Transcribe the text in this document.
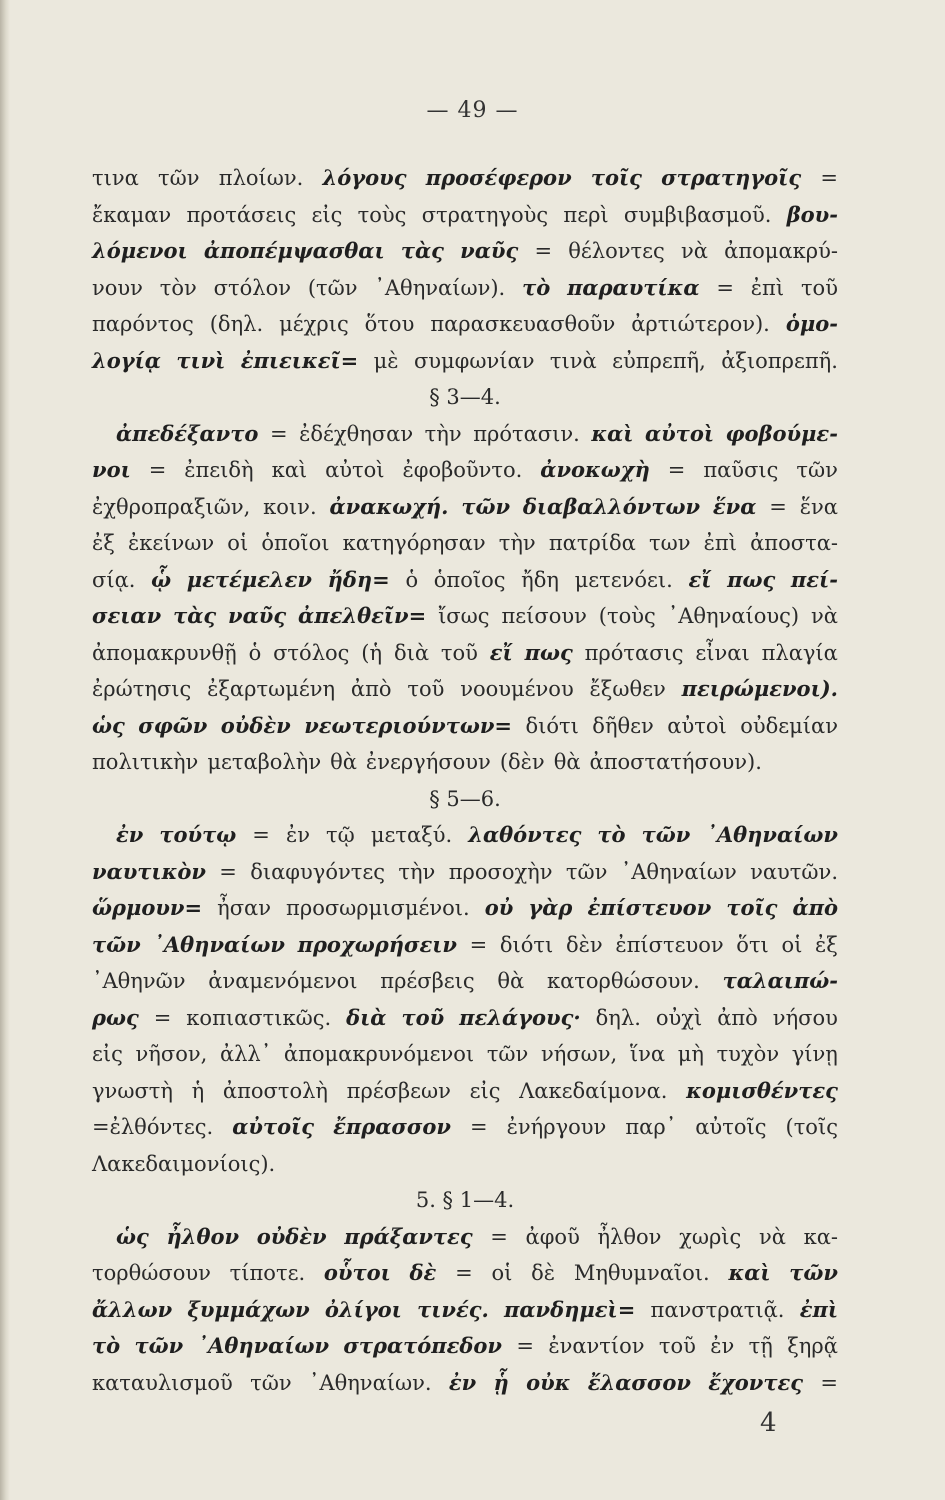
— 49 —
τινα τῶν πλοίων. λόγους προσέφερον τοῖς στρατηγοῖς =
ἔκαμαν προτάσεις εἰς τοὺς στρατηγοὺς περὶ συμβιβασμοῦ. βου-
λόμενοι ἀποπέμψασθαι τὰς ναῦς = θέλοντες νὰ ἀπομακρύ-
νουν τὸν στόλον (τῶν ᾿Αθηναίων). τὸ παραυτίκα = ἐπὶ τοῦ
παρόντος (δηλ. μέχρις ὅτου παρασκευασθοῦν ἀρτιώτερον). ὁμο-
λογίᾳ τινὶ ἐπιεικεῖ= μὲ συμφωνίαν τινὰ εὐπρεπῆ, ἀξιοπρεπῆ.
§ 3—4.
ἀπεδέξαντο = ἐδέχθησαν τὴν πρότασιν. καὶ αὐτοὶ φοβούμε-
νοι = ἐπειδὴ καὶ αὐτοὶ ἐφοβοῦντο. ἀνοκωχὴ = παῦσις τῶν
ἐχθροπραξιῶν, κοιν. ἀνακωχή. τῶν διαβαλλόντων ἕνα = ἕνα
ἐξ ἐκείνων οἱ ὁποῖοι κατηγόρησαν τὴν πατρίδα των ἐπὶ ἀποστα-
σίᾳ. ᾧ μετέμελεν ἤδη= ὁ ὁποῖος ἤδη μετενόει. εἴ πως πεί-
σειαν τὰς ναῦς ἀπελθεῖν= ἴσως πείσουν (τοὺς ᾿Αθηναίους) νὰ
ἀπομακρυνθῇ ὁ στόλος (ἡ διὰ τοῦ εἴ πως πρότασις εἶναι πλαγία
ἐρώτησις ἐξαρτωμένη ἀπὸ τοῦ νοουμένου ἔξωθεν πειρώμενοι).
ὡς σφῶν οὐδὲν νεωτεριούντων= διότι δῆθεν αὐτοὶ οὐδεμίαν
πολιτικὴν μεταβολὴν θὰ ἐνεργήσουν (δὲν θὰ ἀποστατήσουν).
§ 5—6.
ἐν τούτῳ = ἐν τῷ μεταξύ. λαθόντες τὸ τῶν ᾿Αθηναίων
ναυτικὸν = διαφυγόντες τὴν προσοχὴν τῶν ᾿Αθηναίων ναυτῶν.
ὥρμουν= ἦσαν προσωρμισμένοι. οὐ γὰρ ἐπίστευον τοῖς ἀπὸ
τῶν ᾿Αθηναίων προχωρήσειν = διότι δὲν ἐπίστευον ὅτι οἱ ἐξ
᾿Αθηνῶν ἀναμενόμενοι πρέσβεις θὰ κατορθώσουν. ταλαιπώ-
ρως = κοπιαστικῶς. διὰ τοῦ πελάγους· δηλ. οὐχὶ ἀπὸ νήσου
εἰς νῆσον, ἀλλ᾿ ἀπομακρυνόμενοι τῶν νήσων, ἵνα μὴ τυχὸν γίνῃ
γνωστὴ ἡ ἀποστολὴ πρέσβεων εἰς Λακεδαίμονα. κομισθέντες
=ἐλθόντες. αὐτοῖς ἔπρασσον = ἐνήργουν παρ᾿ αὐτοῖς (τοῖς
Λακεδαιμονίοις).
5. § 1—4.
ὡς ἦλθον οὐδὲν πράξαντες = ἀφοῦ ἦλθον χωρὶς νὰ κα-
τορθώσουν τίποτε. οὗτοι δὲ = οἱ δὲ Μηθυμναῖοι. καὶ τῶν
ἄλλων ξυμμάχων ὀλίγοι τινές. πανδημεὶ= πανστρατιᾷ. ἐπὶ
τὸ τῶν ᾿Αθηναίων στρατόπεδον = ἐναντίον τοῦ ἐν τῇ ξηρᾷ
καταυλισμοῦ τῶν ᾿Αθηναίων. ἐν ᾗ οὐκ ἔλασσον ἔχοντες =
4
